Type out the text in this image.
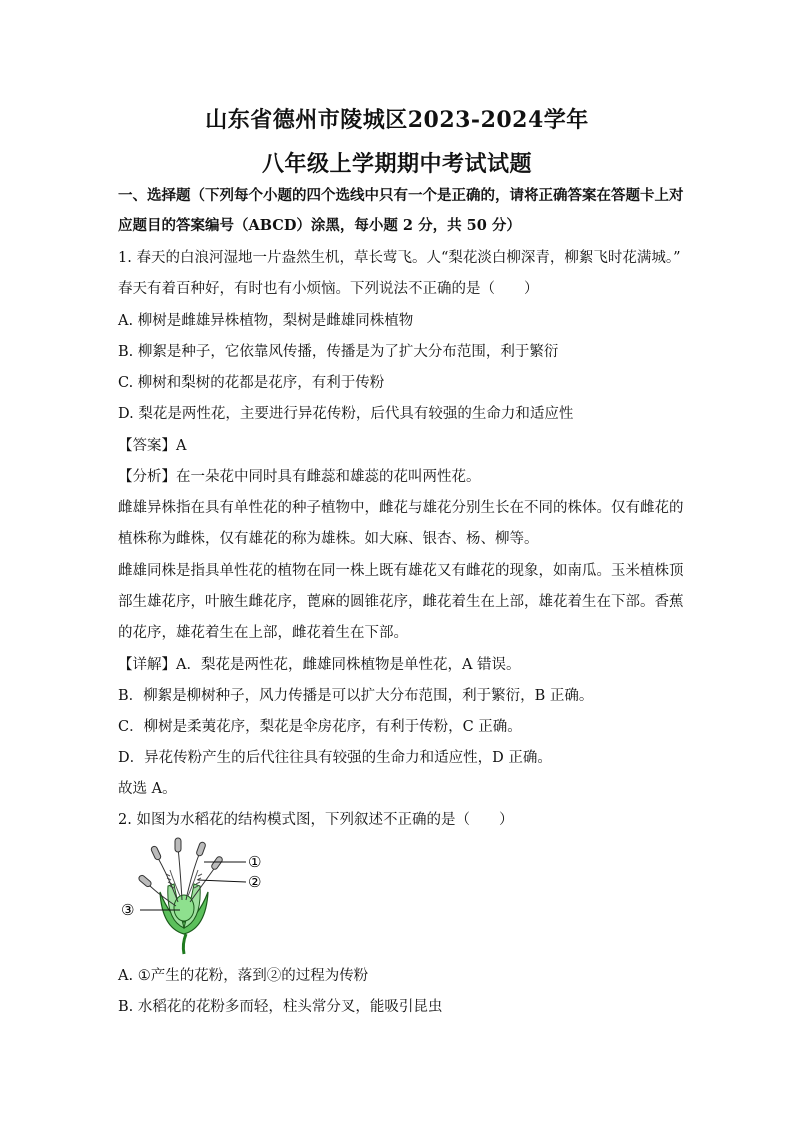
山东省德州市陵城区2023-2024学年
八年级上学期期中考试试题
一、选择题（下列每个小题的四个选线中只有一个是正确的，请将正确答案在答题卡上对
应题目的答案编号（ABCD）涂黑，每小题 2 分，共 50 分）
1. 春天的白浪河湿地一片盎然生机，草长莺飞。人“梨花淡白柳深青，柳絮飞时花满城。”
春天有着百种好，有时也有小烦恼。下列说法不正确的是（　　）
A. 柳树是雌雄异株植物，梨树是雌雄同株植物
B. 柳絮是种子，它依靠风传播，传播是为了扩大分布范围，利于繁衍
C. 柳树和梨树的花都是花序，有利于传粉
D. 梨花是两性花，主要进行异花传粉，后代具有较强的生命力和适应性
【答案】A
【分析】在一朵花中同时具有雌蕊和雄蕊的花叫两性花。
雌雄异株指在具有单性花的种子植物中，雌花与雄花分别生长在不同的株体。仅有雌花的
植株称为雌株，仅有雄花的称为雄株。如大麻、银杏、杨、柳等。
雌雄同株是指具单性花的植物在同一株上既有雄花又有雌花的现象，如南瓜。玉米植株顶
部生雄花序，叶腋生雌花序，蓖麻的圆锥花序，雌花着生在上部，雄花着生在下部。香蕉
的花序，雄花着生在上部，雌花着生在下部。
【详解】A．梨花是两性花，雌雄同株植物是单性花，A 错误。
B．柳絮是柳树种子，风力传播是可以扩大分布范围，利于繁衍，B 正确。
C．柳树是柔荑花序，梨花是伞房花序，有利于传粉，C 正确。
D．异花传粉产生的后代往往具有较强的生命力和适应性，D 正确。
故选 A。
2. 如图为水稻花的结构模式图，下列叙述不正确的是（　　）
①
②
③
A. ①产生的花粉，落到②的过程为传粉
B. 水稻花的花粉多而轻，柱头常分叉，能吸引昆虫
